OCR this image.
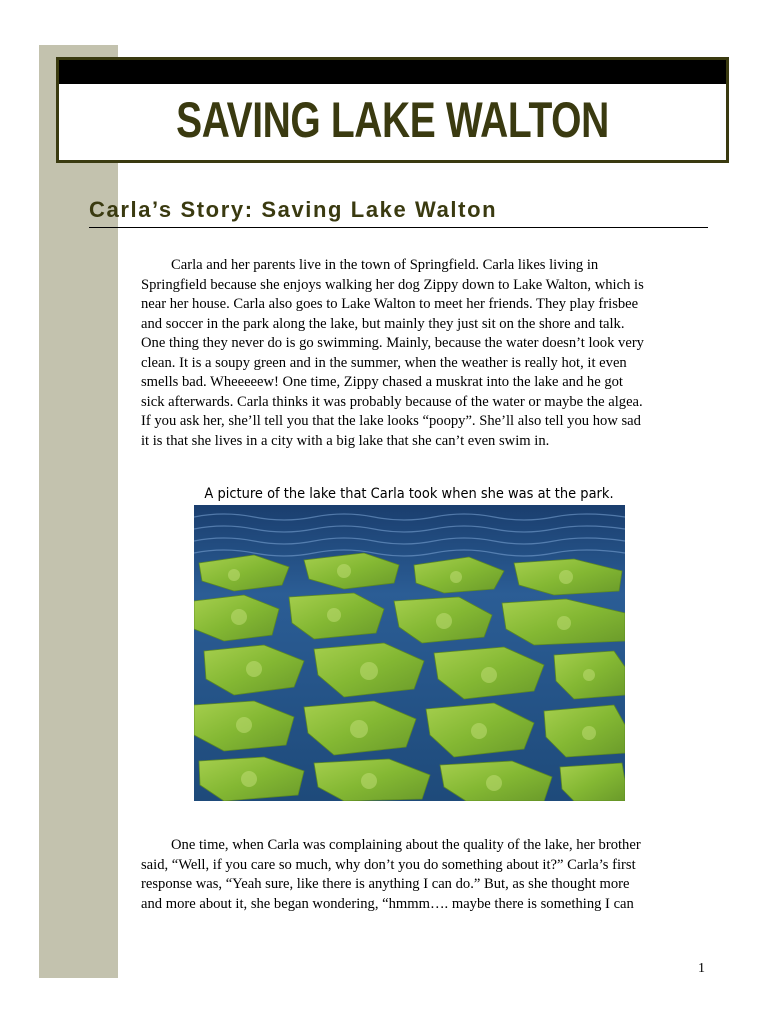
SAVING LAKE WALTON
Carla’s Story: Saving Lake Walton
Carla and her parents live in the town of Springfield. Carla likes living in
Springfield because she enjoys walking her dog Zippy down to Lake Walton, which is
near her house. Carla also goes to Lake Walton to meet her friends. They play frisbee
and soccer in the park along the lake, but mainly they just sit on the shore and talk.
One thing they never do is go swimming. Mainly, because the water doesn’t look very
clean. It is a soupy green and in the summer, when the weather is really hot, it even
smells bad. Wheeeeew! One time, Zippy chased a muskrat into the lake and he got
sick afterwards. Carla thinks it was probably because of the water or maybe the algea.
If you ask her, she’ll tell you that the lake looks “poopy”. She’ll also tell you how sad
it is that she lives in a city with a big lake that she can’t even swim in.
A picture of the lake that Carla took when she was at the park.
One time, when Carla was complaining about the quality of the lake, her brother
said, “Well, if you care so much, why don’t you do something about it?” Carla’s first
response was, “Yeah sure, like there is anything I can do.” But, as she thought more
and more about it, she began wondering, “hmmm…. maybe there is something I can
1
